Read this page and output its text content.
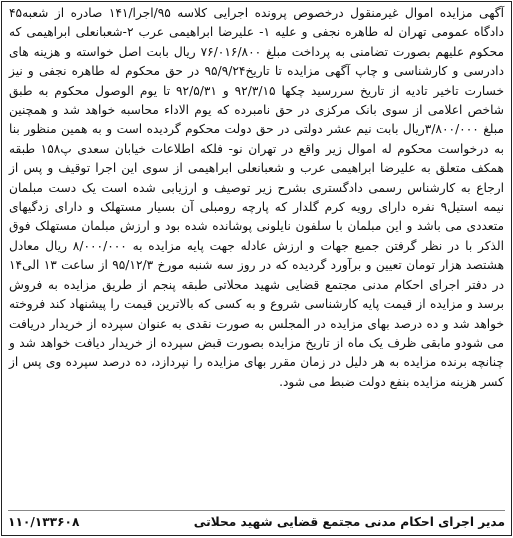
آگهی مزایده اموال غیرمنقول درخصوص پرونده اجرایی کلاسه ۹۵/اجرا/۱۴۱ صادره از شعبه۴۵ دادگاه عمومی تهران له طاهره نجفی و علیه ۱- علیرضا ابراهیمی عرب ۲-شعبانعلی ابراهیمی که محکوم علیهم بصورت تضامنی به پرداخت مبلغ ۷۶/۰۱۶/۸۰۰ ریال بابت اصل خواسته و هزینه های دادرسی و کارشناسی و چاپ آگهی مزایده تا تاریخ۹۵/۹/۲۴ در حق محکوم له طاهره نجفی و نیز خسارت تاخیر تادیه از تاریخ سررسید چکها ۹۲/۳/۱۵ و ۹۲/۵/۳۱ تا یوم الوصول محکوم به طبق شاخص اعلامی از سوی بانک مرکزی در حق نامبرده که یوم الاداء محاسبه خواهد شد و همچنین مبلغ ۳/۸۰۰/۰۰۰ریال بابت نیم عشر دولتی در حق دولت محکوم گردیده است و به همین منظور بنا به درخواست محکوم له اموال زیر واقع در تهران نو- فلکه اطلاعات خیابان سعدی پ۱۵۸ طبقه همکف متعلق به علیرضا ابراهیمی عرب و شعبانعلی ابراهیمی از سوی این اجرا توقیف و پس از ارجاع به کارشناس رسمی دادگستری بشرح زیر توصیف و ارزیابی شده است یک دست مبلمان نیمه استیل۹ نفره دارای رویه کرم گلدار که پارچه رومبلی آن بسیار مستهلک و دارای زدگیهای متعددی می باشد و این مبلمان با سلفون نایلونی پوشانده شده بود و ارزش مبلمان مستهلک فوق الذکر با در نظر گرفتن جمیع جهات و ارزش عادله جهت پایه مزایده به ۸/۰۰۰/۰۰۰ ریال معادل هشتصد هزار تومان تعیین و برآورد گردیده که در روز سه شنبه مورخ ۹۵/۱۲/۳ از ساعت ۱۳ الی۱۴ در دفتر اجرای احکام مدنی مجتمع قضایی شهید محلاتی طبقه پنجم از طریق مزایده به فروش برسد و مزایده از قیمت پایه کارشناسی شروع و به کسی که بالاترین قیمت را پیشنهاد کند فروخته خواهد شد و ده درصد بهای مزایده در المجلس به صورت نقدی به عنوان سپرده از خریدار دریافت می شودو مابقی ظرف یک ماه از تاریخ مزایده بصورت قبض سپرده از خریدار دیافت خواهد شد و چنانچه برنده مزایده به هر دلیل در زمان مقرر بهای مزایده را نپردازد، ده درصد سپرده وی پس از کسر هزینه مزایده بنفع دولت ضبط می شود.

مدیر اجرای احکام مدنی مجتمع قضایی شهید محلاتی
۱۱۰/۱۳۳۶۰۸
